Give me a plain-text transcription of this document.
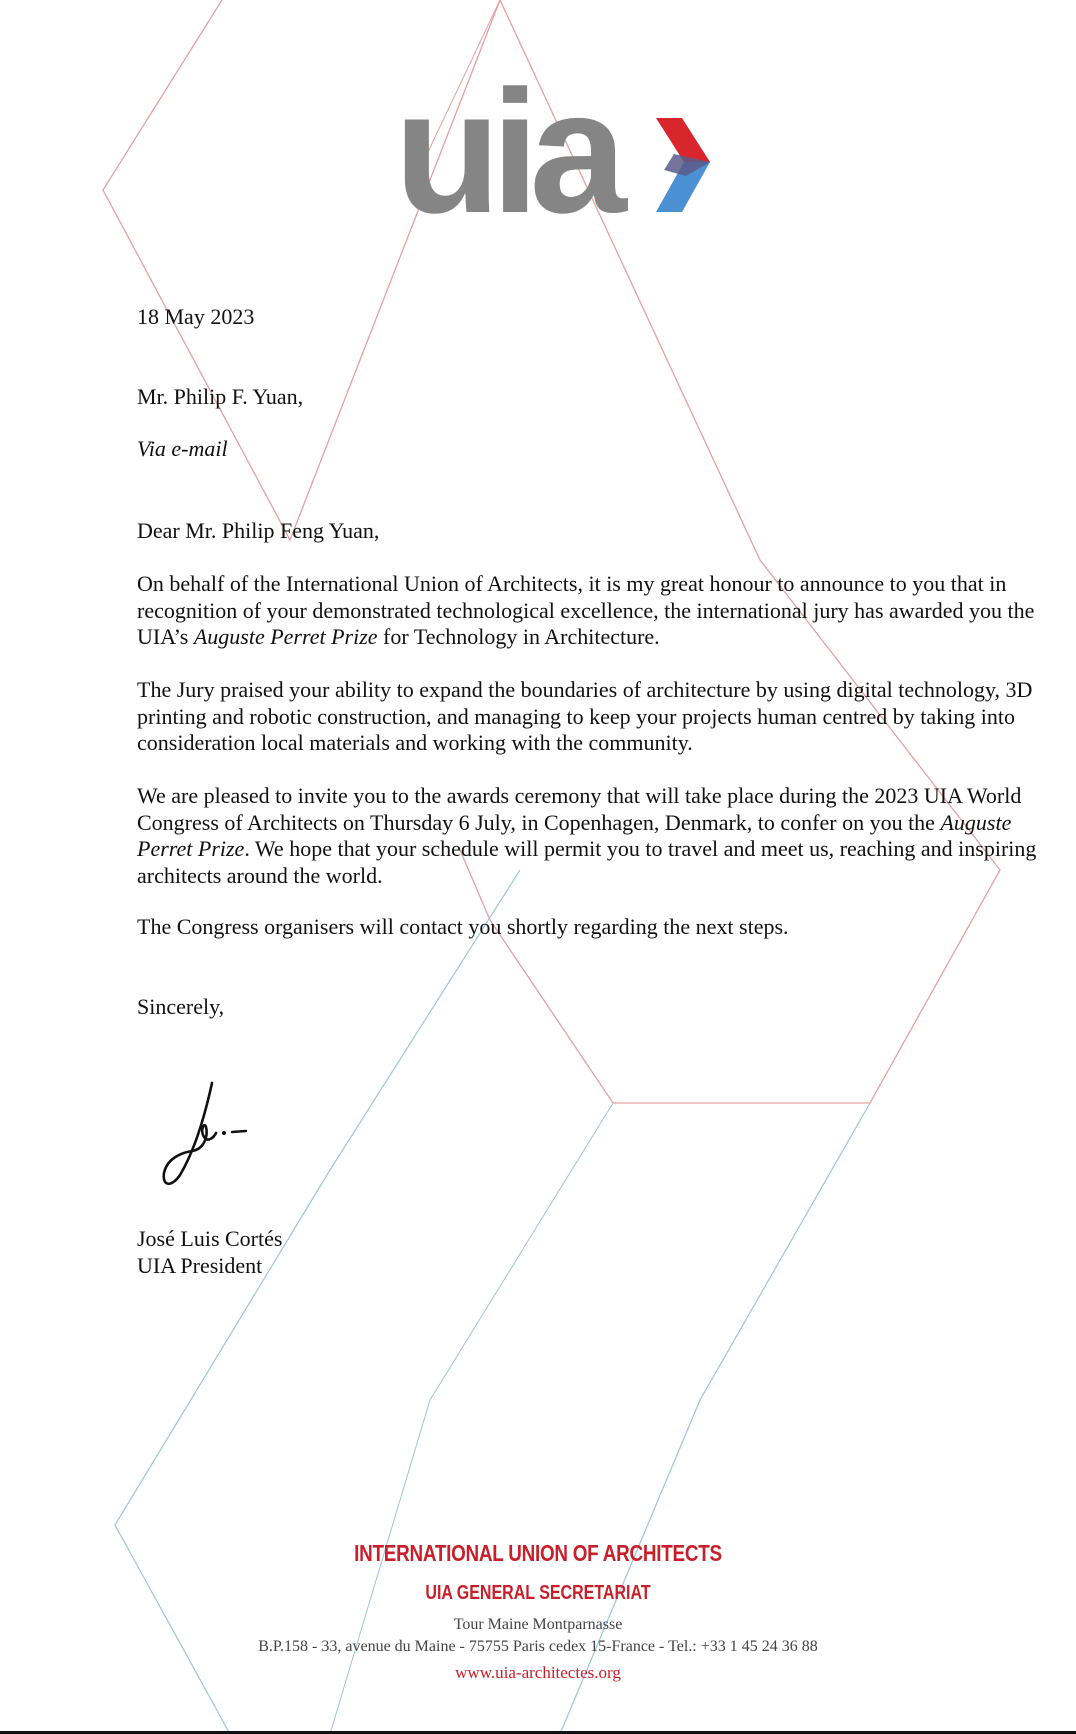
uia

18 May 2023

Mr. Philip F. Yuan,

Via e-mail

Dear Mr. Philip Feng Yuan,

On behalf of the International Union of Architects, it is my great honour to announce to you that in recognition of your demonstrated technological excellence, the international jury has awarded you the UIA’s Auguste Perret Prize for Technology in Architecture.

The Jury praised your ability to expand the boundaries of architecture by using digital technology, 3D printing and robotic construction, and managing to keep your projects human centred by taking into consideration local materials and working with the community.

We are pleased to invite you to the awards ceremony that will take place during the 2023 UIA World Congress of Architects on Thursday 6 July, in Copenhagen, Denmark, to confer on you the Auguste Perret Prize. We hope that your schedule will permit you to travel and meet us, reaching and inspiring architects around the world.

The Congress organisers will contact you shortly regarding the next steps.

Sincerely,

José Luis Cortés

UIA President

INTERNATIONAL UNION OF ARCHITECTS

UIA GENERAL SECRETARIAT

Tour Maine Montparnasse

B.P.158 - 33, avenue du Maine - 75755 Paris cedex 15-France - Tel.: +33 1 45 24 36 88

www.uia-architectes.org
